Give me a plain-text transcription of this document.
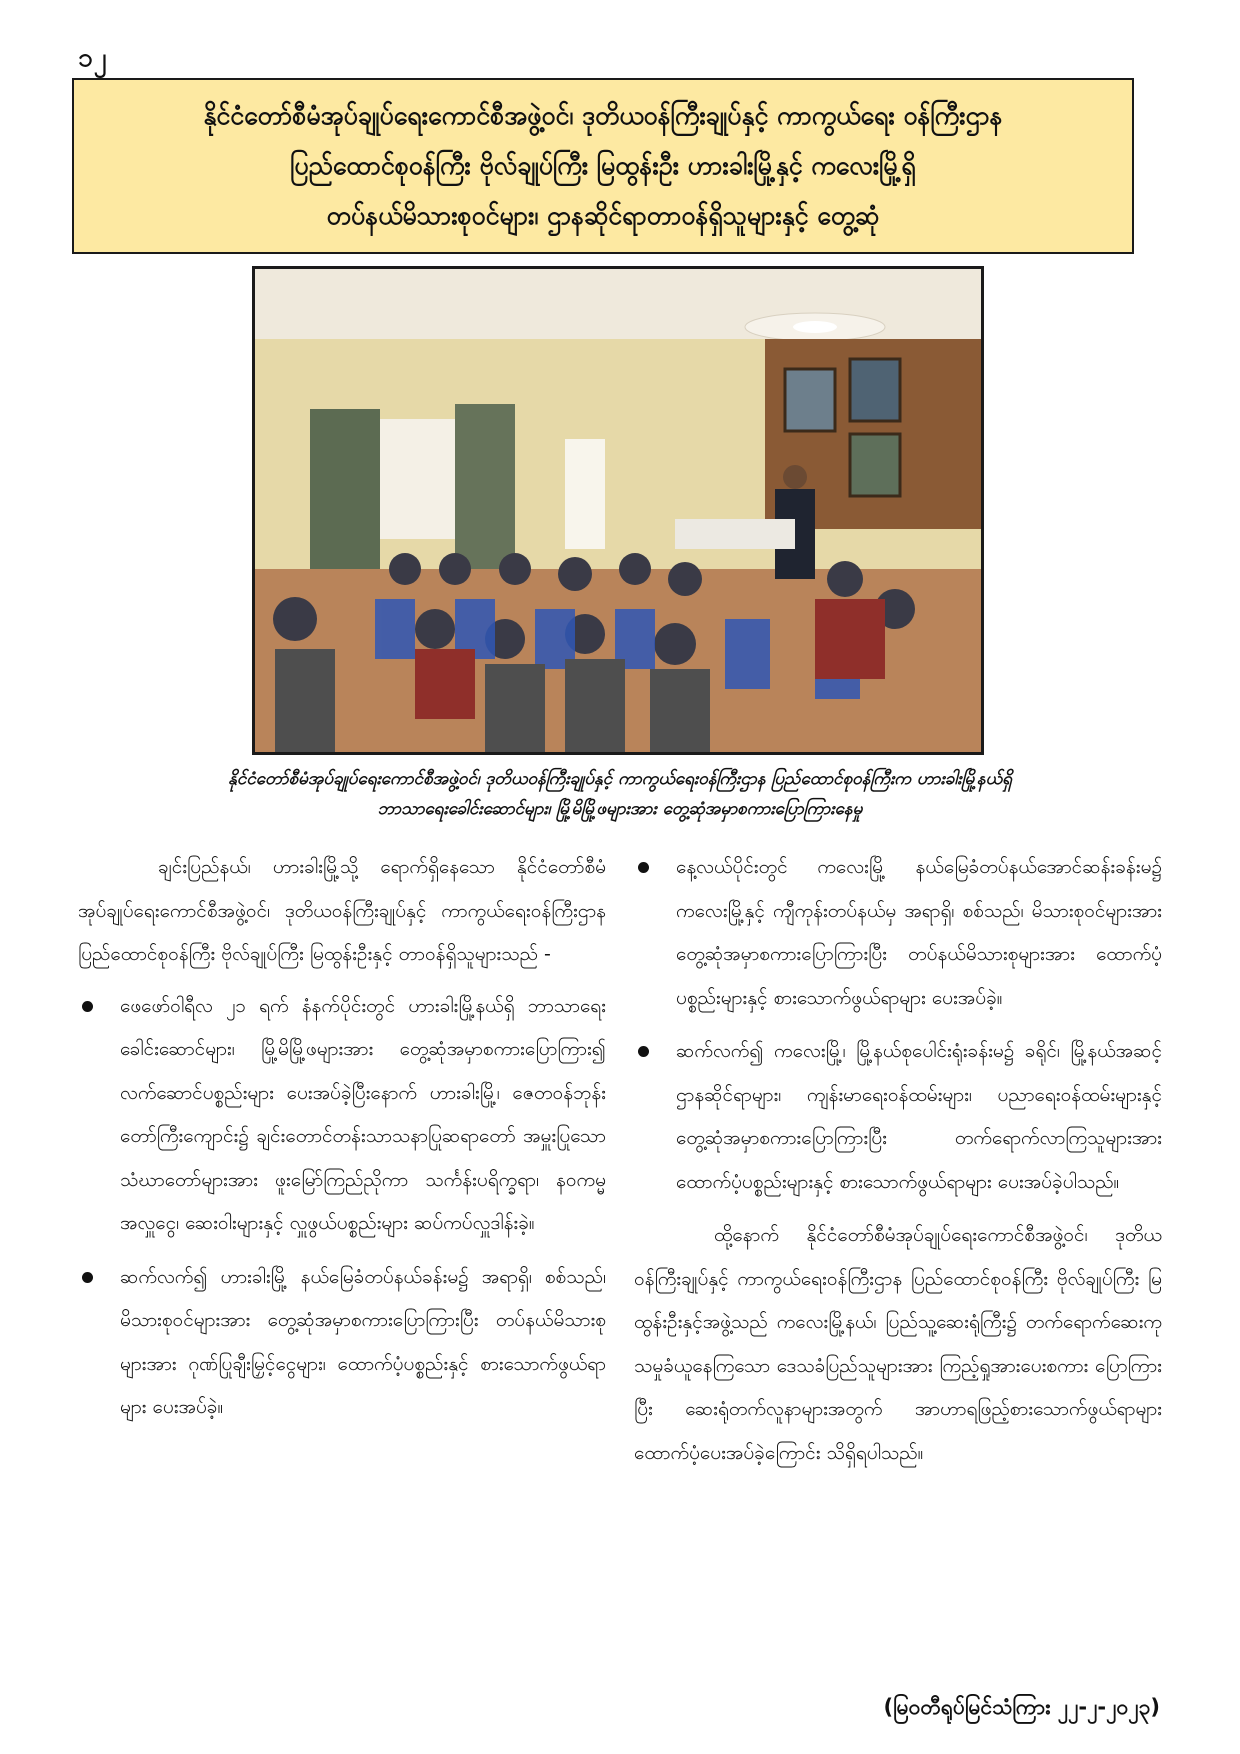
၁၂
နိုင်ငံတော်စီမံအုပ်ချုပ်ရေးကောင်စီအဖွဲ့ဝင်၊ ဒုတိယဝန်ကြီးချုပ်နှင့် ကာကွယ်ရေး ဝန်ကြီးဌာန
ပြည်ထောင်စုဝန်ကြီး ဗိုလ်ချုပ်ကြီး မြထွန်းဦး ဟားခါးမြို့နှင့် ကလေးမြို့ရှိ
တပ်နယ်မိသားစုဝင်များ၊ ဌာနဆိုင်ရာတာဝန်ရှိသူများနှင့် တွေ့ဆုံ
နိုင်ငံတော်စီမံအုပ်ချုပ်ရေးကောင်စီအဖွဲ့ဝင်၊ ဒုတိယဝန်ကြီးချုပ်နှင့် ကာကွယ်ရေးဝန်ကြီးဌာန ပြည်ထောင်စုဝန်ကြီးက ဟားခါးမြို့နယ်ရှိ
ဘာသာရေးခေါင်းဆောင်များ၊ မြို့မိမြို့ဖများအား တွေ့ဆုံအမှာစကားပြောကြားနေမှု

ချင်းပြည်နယ်၊ ဟားခါးမြို့သို့ ရောက်ရှိနေသော နိုင်ငံတော်စီမံအုပ်ချုပ်ရေးကောင်စီအဖွဲ့ဝင်၊ ဒုတိယဝန်ကြီးချုပ်နှင့် ကာကွယ်ရေးဝန်ကြီးဌာန ပြည်ထောင်စုဝန်ကြီး ဗိုလ်ချုပ်ကြီး မြထွန်းဦးနှင့် တာဝန်ရှိသူများသည် -

ဖေဖော်ဝါရီလ ၂၁ ရက် နံနက်ပိုင်းတွင် ဟားခါးမြို့နယ်ရှိ ဘာသာရေးခေါင်းဆောင်များ၊ မြို့မိမြို့ဖများအား တွေ့ဆုံအမှာစကားပြောကြား၍ လက်ဆောင်ပစ္စည်းများ ပေးအပ်ခဲ့ပြီးနောက် ဟားခါးမြို့၊ ဇေတဝန်ဘုန်းတော်ကြီးကျောင်း၌ ချင်းတောင်တန်းသာသနာပြုဆရာတော် အမှူးပြုသော သံဃာတော်များအား ဖူးမြော်ကြည်ညိုကာ သင်္ကန်းပရိက္ခရာ၊ နဝကမ္မအလှူငွေ၊ ဆေးဝါးများနှင့် လှူဖွယ်ပစ္စည်းများ ဆပ်ကပ်လှူဒါန်းခဲ့။
ဆက်လက်၍ ဟားခါးမြို့ နယ်မြေခံတပ်နယ်ခန်းမ၌ အရာရှိ၊ စစ်သည်၊ မိသားစုဝင်များအား တွေ့ဆုံအမှာစကားပြောကြားပြီး တပ်နယ်မိသားစုများအား ဂုဏ်ပြုချီးမြှင့်ငွေများ၊ ထောက်ပံ့ပစ္စည်းနှင့် စားသောက်ဖွယ်ရာများ ပေးအပ်ခဲ့။
နေ့လယ်ပိုင်းတွင် ကလေးမြို့ နယ်မြေခံတပ်နယ်အောင်ဆန်းခန်းမ၌ ကလေးမြို့နှင့် ကျီကုန်းတပ်နယ်မှ အရာရှိ၊ စစ်သည်၊ မိသားစုဝင်များအား တွေ့ဆုံအမှာစကားပြောကြားပြီး တပ်နယ်မိသားစုများအား ထောက်ပံ့ပစ္စည်းများနှင့် စားသောက်ဖွယ်ရာများ ပေးအပ်ခဲ့။
ဆက်လက်၍ ကလေးမြို့၊ မြို့နယ်စုပေါင်းရုံးခန်းမ၌ ခရိုင်၊ မြို့နယ်အဆင့် ဌာနဆိုင်ရာများ၊ ကျန်းမာရေးဝန်ထမ်းများ၊ ပညာရေးဝန်ထမ်းများနှင့် တွေ့ဆုံအမှာစကားပြောကြားပြီး တက်ရောက်လာကြသူများအား ထောက်ပံ့ပစ္စည်းများနှင့် စားသောက်ဖွယ်ရာများ ပေးအပ်ခဲ့ပါသည်။

ထို့နောက် နိုင်ငံတော်စီမံအုပ်ချုပ်ရေးကောင်စီအဖွဲ့ဝင်၊ ဒုတိယဝန်ကြီးချုပ်နှင့် ကာကွယ်ရေးဝန်ကြီးဌာန ပြည်ထောင်စုဝန်ကြီး ဗိုလ်ချုပ်ကြီး မြထွန်းဦးနှင့်အဖွဲ့သည် ကလေးမြို့နယ်၊ ပြည်သူ့ဆေးရုံကြီး၌ တက်ရောက်ဆေးကုသမှုခံယူနေကြသော ဒေသခံပြည်သူများအား ကြည့်ရှုအားပေးစကား ပြောကြားပြီး ဆေးရုံတက်လူနာများအတွက် အာဟာရဖြည့်စားသောက်ဖွယ်ရာများ ထောက်ပံ့ပေးအပ်ခဲ့ကြောင်း သိရှိရပါသည်။

(မြဝတီရုပ်မြင်သံကြား ၂၂-၂-၂၀၂၃)
